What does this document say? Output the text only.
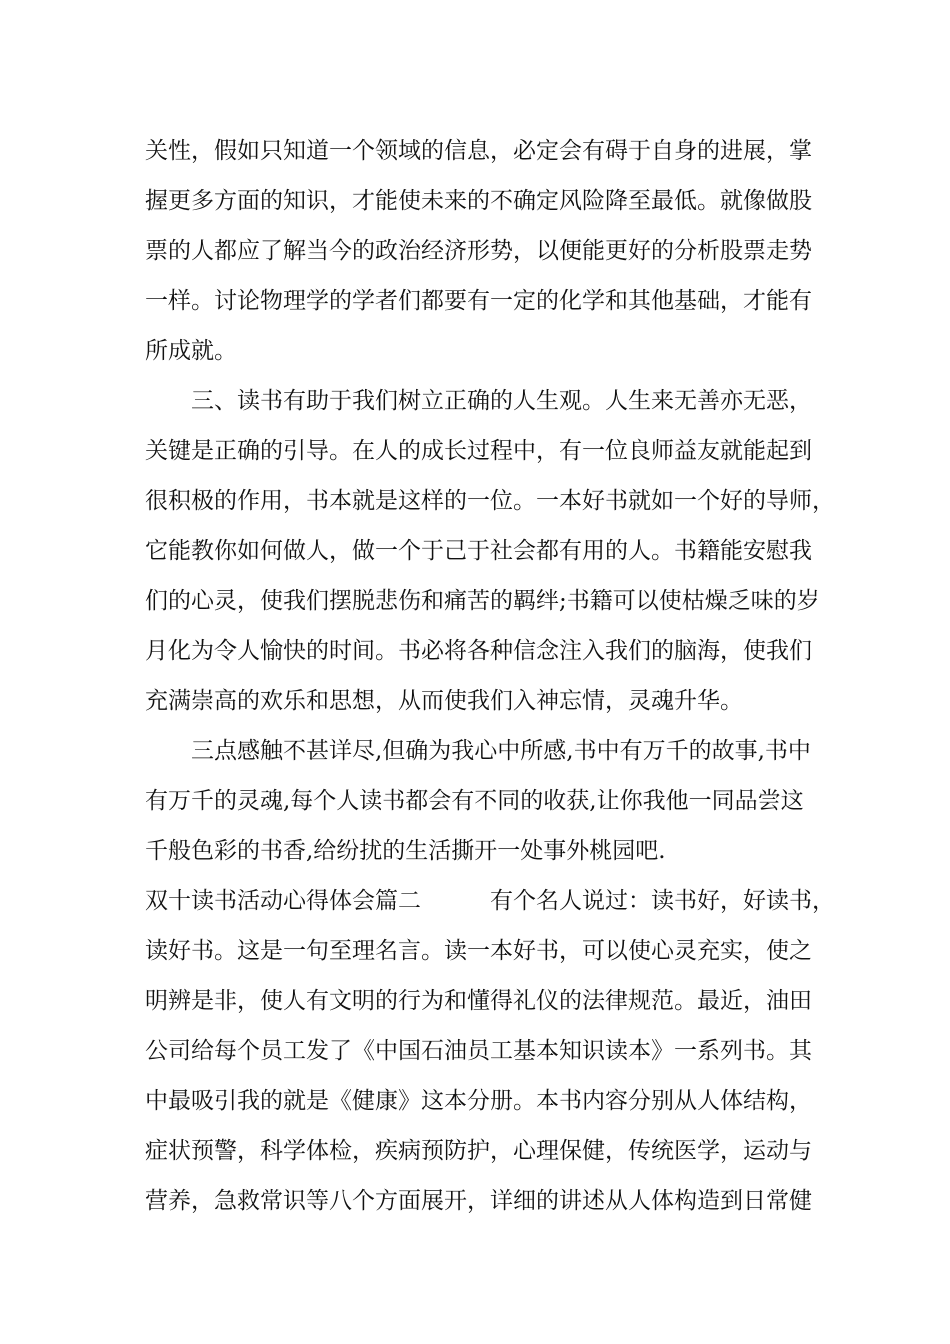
关性，假如只知道一个领域的信息，必定会有碍于自身的进展，掌
握更多方面的知识，才能使未来的不确定风险降至最低。就像做股
票的人都应了解当今的政治经济形势，以便能更好的分析股票走势
一样。讨论物理学的学者们都要有一定的化学和其他基础，才能有
所成就。
三、读书有助于我们树立正确的人生观。人生来无善亦无恶，
关键是正确的引导。在人的成长过程中，有一位良师益友就能起到
很积极的作用，书本就是这样的一位。一本好书就如一个好的导师，
它能教你如何做人，做一个于己于社会都有用的人。书籍能安慰我
们的心灵，使我们摆脱悲伤和痛苦的羁绊;书籍可以使枯燥乏味的岁
月化为令人愉快的时间。书必将各种信念注入我们的脑海，使我们
充满崇高的欢乐和思想，从而使我们入神忘情，灵魂升华。
三点感触不甚详尽,但确为我心中所感,书中有万千的故事,书中
有万千的灵魂,每个人读书都会有不同的收获,让你我他一同品尝这
千般色彩的书香,给纷扰的生活撕开一处事外桃园吧.
双十读书活动心得体会篇二　　　有个名人说过：读书好，好读书，
读好书。这是一句至理名言。读一本好书，可以使心灵充实，使之
明辨是非，使人有文明的行为和懂得礼仪的法律规范。最近，油田
公司给每个员工发了《中国石油员工基本知识读本》一系列书。其
中最吸引我的就是《健康》这本分册。本书内容分别从人体结构，
症状预警，科学体检，疾病预防护，心理保健，传统医学，运动与
营养，急救常识等八个方面展开，详细的讲述从人体构造到日常健
